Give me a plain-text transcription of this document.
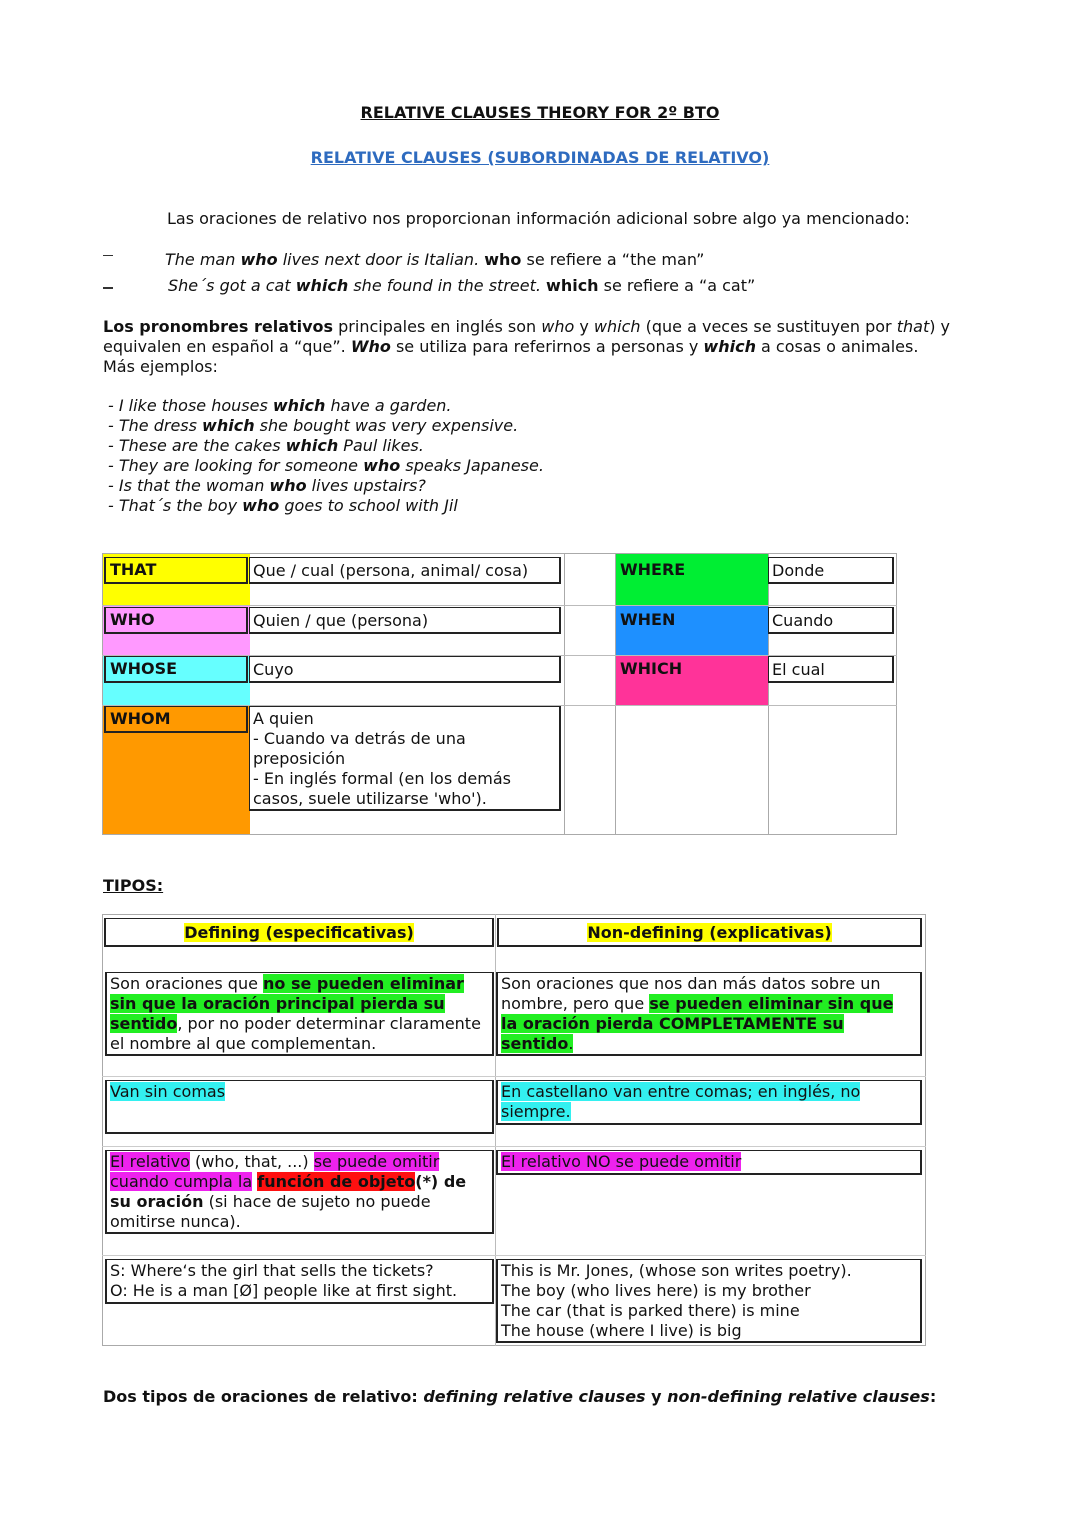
RELATIVE CLAUSES THEORY FOR 2º BTO
RELATIVE CLAUSES (SUBORDINADAS DE RELATIVO)
Las oraciones de relativo nos proporcionan información adicional sobre algo ya mencionado:
The man who lives next door is Italian. who se refiere a “the man”
She´s got a cat which she found in the street. which se refiere a “a cat”
Los pronombres relativos principales en inglés son who y which (que a veces se sustituyen por that) y
equivalen en español a “que”. Who se utiliza para referirnos a personas y which a cosas o animales.
Más ejemplos:
- I like those houses which have a garden.
- The dress which she bought was very expensive.
- These are the cakes which Paul likes.
- They are looking for someone who speaks Japanese.
- Is that the woman who lives upstairs?
- That´s the boy who goes to school with Jil
THAT
WHO
WHOSE
WHOM
Que / cual (persona, animal/ cosa)
Quien / que (persona)
Cuyo
A quien
- Cuando va detrás de una
preposición
- En inglés formal (en los demás
casos, suele utilizarse 'who').
WHERE
WHEN
WHICH
Donde
Cuando
El cual
TIPOS:
Defining (especificativas)	Non-defining (explicativas)
Son oraciones que no se pueden eliminar
sin que la oración principal pierda su
sentido, por no poder determinar claramente
el nombre al que complementan.
Son oraciones que nos dan más datos sobre un
nombre, pero que se pueden eliminar sin que
la oración pierda COMPLETAMENTE su
sentido.
Van sin comas	En castellano van entre comas; en inglés, no
siempre.
El relativo (who, that, ...) se puede omitir
cuando cumpla la función de objeto(*) de
su oración (si hace de sujeto no puede
omitirse nunca).
El relativo NO se puede omitir
S: Where‘s the girl that sells the tickets?
O: He is a man [Ø] people like at first sight.
This is Mr. Jones, (whose son writes poetry).
The boy (who lives here) is my brother
The car (that is parked there) is mine
The house (where I live) is big
Dos tipos de oraciones de relativo: defining relative clauses y non-defining relative clauses:
